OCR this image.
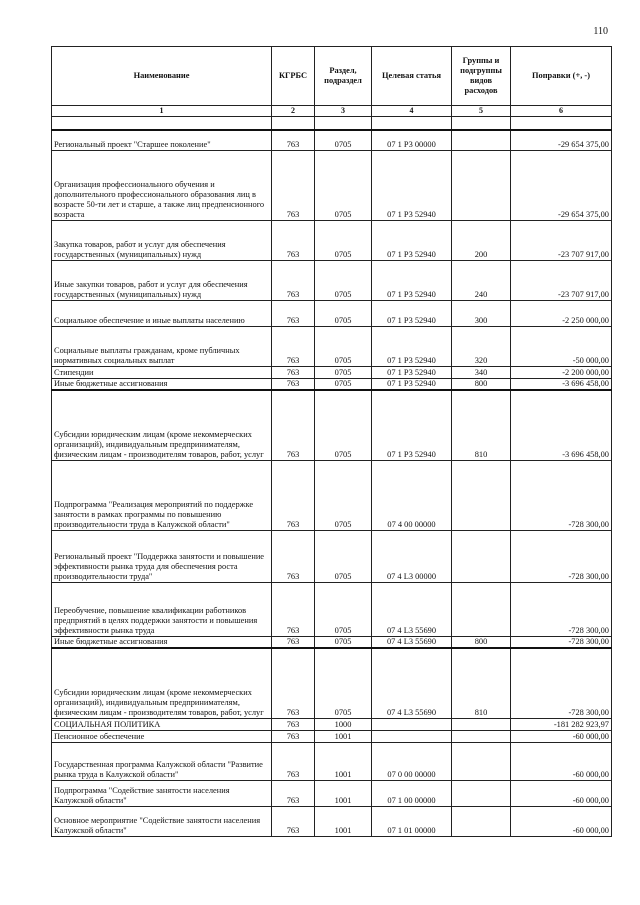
110
Наименование	КГРБС	Раздел, подраздел	Целевая статья	Группы и подгруппы видов расходов	Поправки (+, -)
1	2	3	4	5	6

Региональный проект "Старшее поколение"	763	0705	07 1 P3 00000		-29 654 375,00
Организация профессионального обучения и дополнительного профессионального образования лиц в возрасте 50-ти лет и старше, а также лиц предпенсионного возраста	763	0705	07 1 P3 52940		-29 654 375,00
Закупка товаров, работ и услуг для обеспечения государственных (муниципальных) нужд	763	0705	07 1 P3 52940	200	-23 707 917,00
Иные закупки товаров, работ и услуг для обеспечения государственных (муниципальных) нужд	763	0705	07 1 P3 52940	240	-23 707 917,00
Социальное обеспечение и иные выплаты населению	763	0705	07 1 P3 52940	300	-2 250 000,00
Социальные выплаты гражданам, кроме публичных нормативных социальных выплат	763	0705	07 1 P3 52940	320	-50 000,00
Стипендии	763	0705	07 1 P3 52940	340	-2 200 000,00
Иные бюджетные ассигнования	763	0705	07 1 P3 52940	800	-3 696 458,00
Субсидии юридическим лицам (кроме некоммерческих организаций), индивидуальным предпринимателям, физическим лицам - производителям товаров, работ, услуг	763	0705	07 1 P3 52940	810	-3 696 458,00
Подпрограмма "Реализация мероприятий по поддержке занятости в рамках программы по повышению производительности труда в Калужской области"	763	0705	07 4 00 00000		-728 300,00
Региональный проект "Поддержка занятости и повышение эффективности рынка труда для обеспечения роста производительности труда"	763	0705	07 4 L3 00000		-728 300,00
Переобучение, повышение квалификации работников предприятий в целях поддержки занятости и повышения эффективности рынка труда	763	0705	07 4 L3 55690		-728 300,00
Иные бюджетные ассигнования	763	0705	07 4 L3 55690	800	-728 300,00
Субсидии юридическим лицам (кроме некоммерческих организаций), индивидуальным предпринимателям, физическим лицам - производителям товаров, работ, услуг	763	0705	07 4 L3 55690	810	-728 300,00
СОЦИАЛЬНАЯ ПОЛИТИКА	763	1000			-181 282 923,97
Пенсионное обеспечение	763	1001			-60 000,00
Государственная программа Калужской области "Развитие рынка труда в Калужской области"	763	1001	07 0 00 00000		-60 000,00
Подпрограмма "Содействие занятости населения Калужской области"	763	1001	07 1 00 00000		-60 000,00
Основное мероприятие "Содействие занятости населения Калужской области"	763	1001	07 1 01 00000		-60 000,00
